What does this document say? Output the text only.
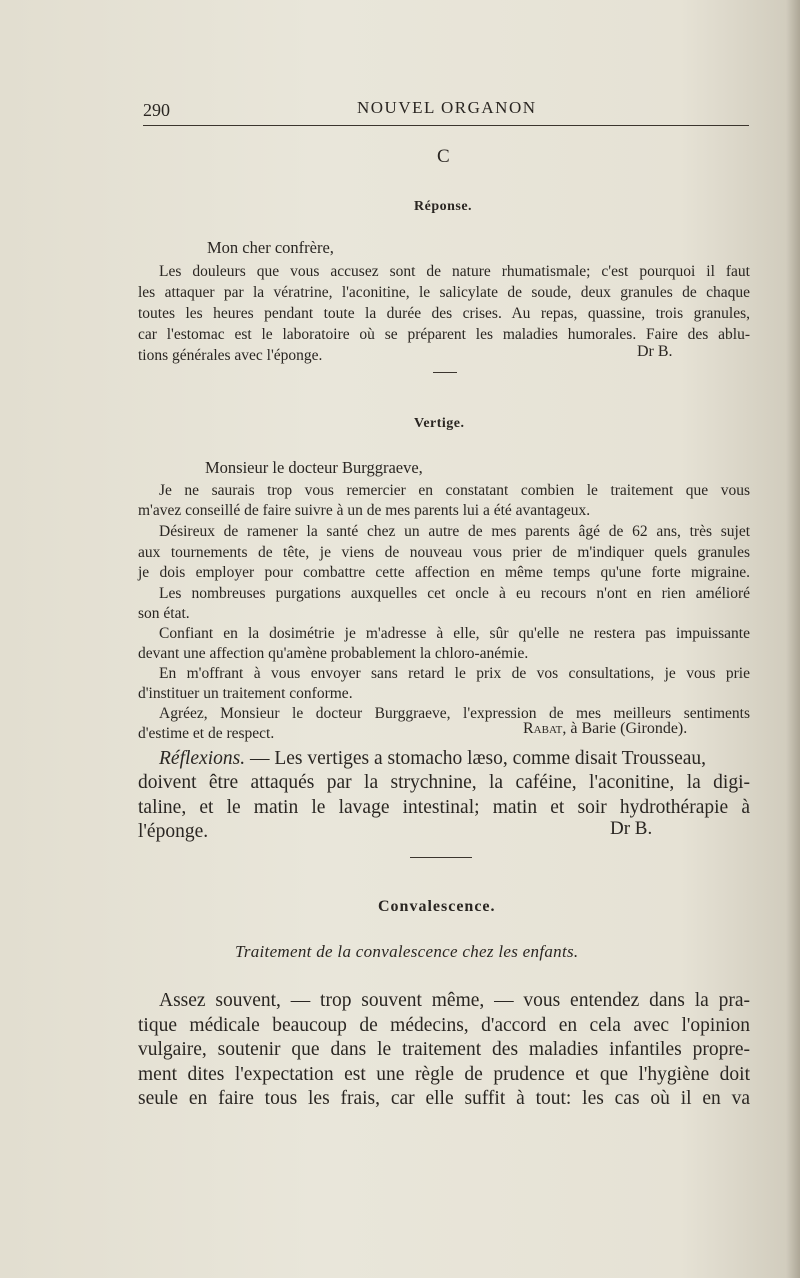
290	NOUVEL ORGANON
C
Réponse.
Mon cher confrère,
Les douleurs que vous accusez sont de nature rhumatismale; c'est pourquoi il faut
les attaquer par la vératrine, l'aconitine, le salicylate de soude, deux granules de chaque
toutes les heures pendant toute la durée des crises. Au repas, quassine, trois granules,
car l'estomac est le laboratoire où se préparent les maladies humorales. Faire des ablu-
tions générales avec l'éponge.	Dr B.
Vertige.
Monsieur le docteur Burggraeve,
Je ne saurais trop vous remercier en constatant combien le traitement que vous
m'avez conseillé de faire suivre à un de mes parents lui a été avantageux.
Désireux de ramener la santé chez un autre de mes parents âgé de 62 ans, très sujet
aux tournements de tête, je viens de nouveau vous prier de m'indiquer quels granules
je dois employer pour combattre cette affection en même temps qu'une forte migraine.
Les nombreuses purgations auxquelles cet oncle à eu recours n'ont en rien amélioré
son état.
Confiant en la dosimétrie je m'adresse à elle, sûr qu'elle ne restera pas impuissante
devant une affection qu'amène probablement la chloro-anémie.
En m'offrant à vous envoyer sans retard le prix de vos consultations, je vous prie
d'instituer un traitement conforme.
Agréez, Monsieur le docteur Burggraeve, l'expression de mes meilleurs sentiments
d'estime et de respect.	Rabat, à Barie (Gironde).
Réflexions. — Les vertiges a stomacho læso, comme disait Trousseau,
doivent être attaqués par la strychnine, la caféine, l'aconitine, la digi-
taline, et le matin le lavage intestinal; matin et soir hydrothérapie à
l'éponge.	Dr B.
Convalescence.
Traitement de la convalescence chez les enfants.
Assez souvent, — trop souvent même, — vous entendez dans la pra-
tique médicale beaucoup de médecins, d'accord en cela avec l'opinion
vulgaire, soutenir que dans le traitement des maladies infantiles propre-
ment dites l'expectation est une règle de prudence et que l'hygiène doit
seule en faire tous les frais, car elle suffit à tout: les cas où il en va
